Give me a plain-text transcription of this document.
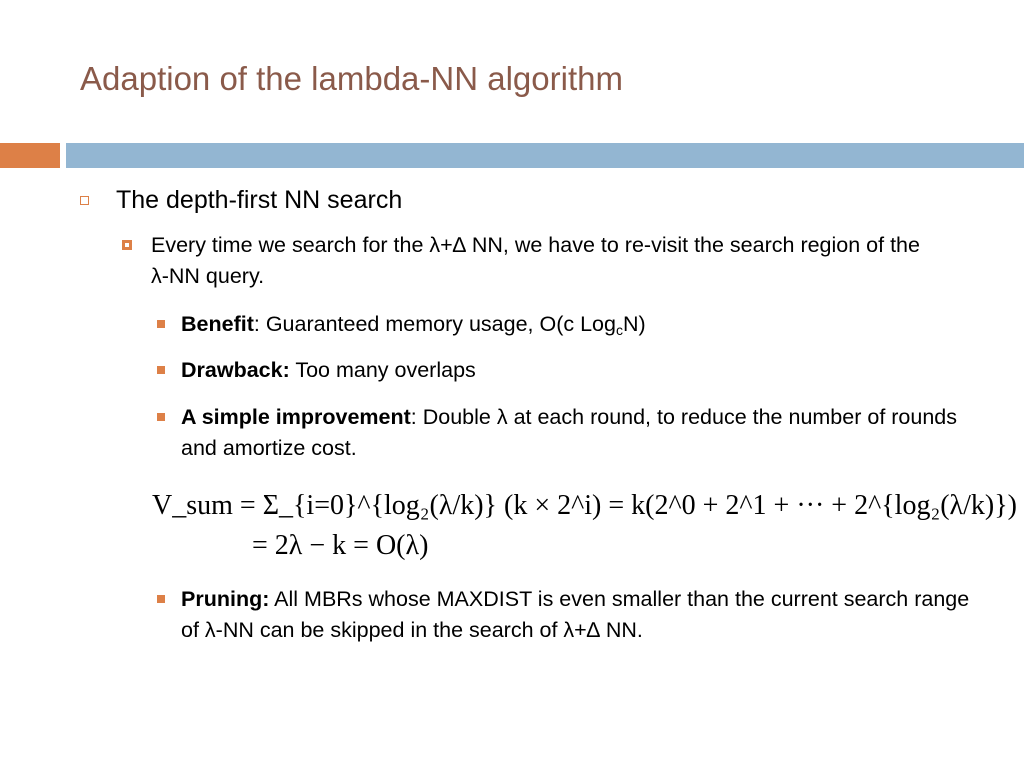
Adaption of the lambda-NN algorithm
The depth-first NN search
Every time we search for the λ+∆ NN, we have to re-visit the search region of the λ-NN query.
Benefit: Guaranteed memory usage, O(c Log$_c$N)
Drawback: Too many overlaps
A simple improvement: Double λ at each round, to reduce the number of rounds and amortize cost.
V_sum = Σ_{i=0}^{log₂(λ/k)} (k × 2^i) = k(2^0 + 2^1 + ··· + 2^{log₂(λ/k)})
= 2λ − k = O(λ)
Pruning: All MBRs whose MAXDIST is even smaller than the current search range of λ-NN can be skipped in the search of λ+∆ NN.
